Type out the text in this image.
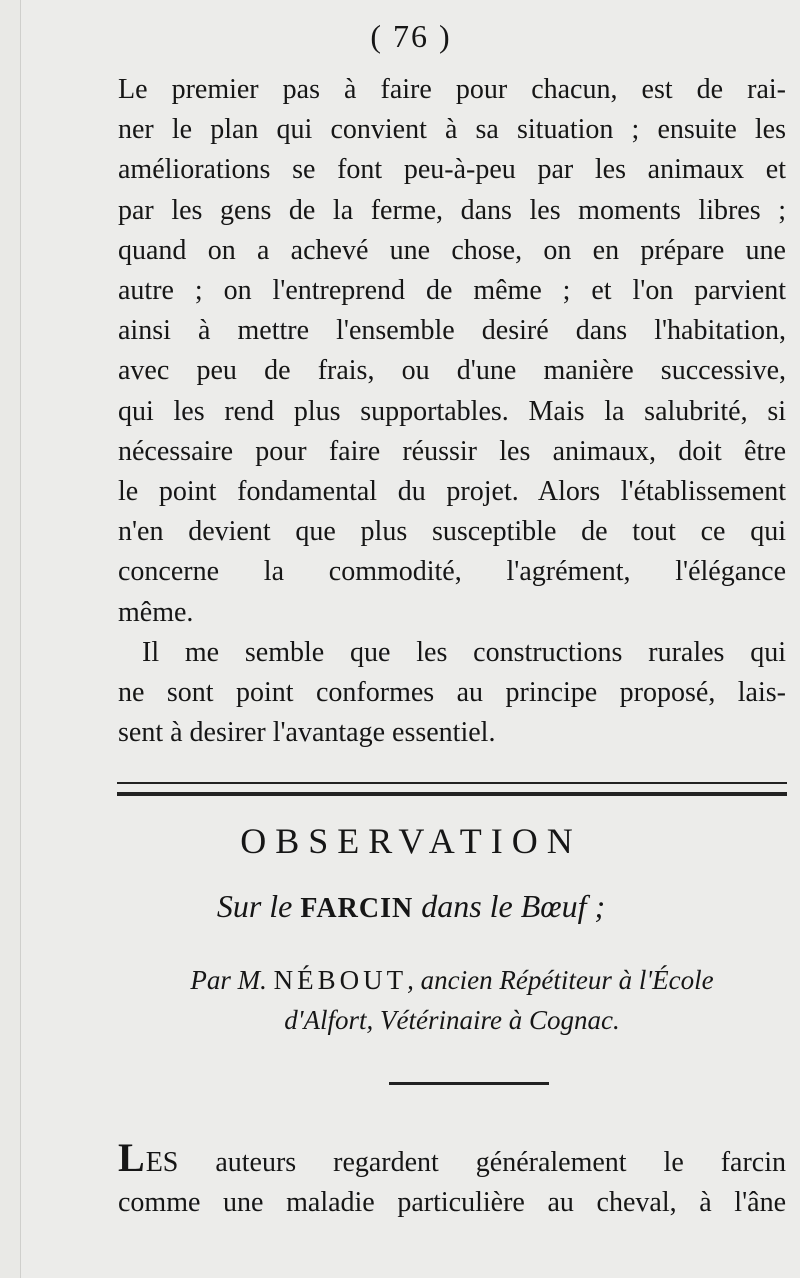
( 76 )
Le premier pas à faire pour chacun, est de rai-
ner le plan qui convient à sa situation ; ensuite les
améliorations se font peu-à-peu par les animaux et
par les gens de la ferme, dans les moments libres ;
quand on a achevé une chose, on en prépare une
autre ; on l'entreprend de même ; et l'on parvient
ainsi à mettre l'ensemble desiré dans l'habitation,
avec peu de frais, ou d'une manière successive,
qui les rend plus supportables. Mais la salubrité, si
nécessaire pour faire réussir les animaux, doit être
le point fondamental du projet. Alors l'établissement
n'en devient que plus susceptible de tout ce qui
concerne la commodité, l'agrément, l'élégance
même.
Il me semble que les constructions rurales qui
ne sont point conformes au principe proposé, lais-
sent à desirer l'avantage essentiel.
OBSERVATION
Sur le FARCIN dans le Bœuf ;
Par M. NÉBOUT, ancien Répétiteur à l'École
d'Alfort, Vétérinaire à Cognac.
LES auteurs regardent généralement le farcin
comme une maladie particulière au cheval, à l'âne
